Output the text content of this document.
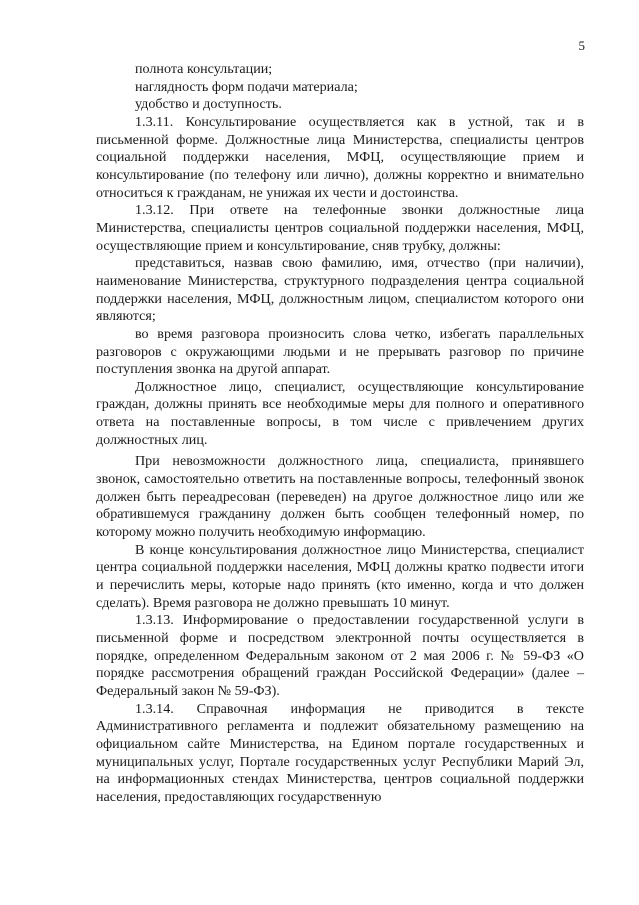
5

полнота консультации;

наглядность форм подачи материала;

удобство и доступность.

1.3.11. Консультирование осуществляется как в устной, так и в письменной форме. Должностные лица Министерства, специалисты центров социальной поддержки населения, МФЦ, осуществляющие прием и консультирование (по телефону или лично), должны корректно и внимательно относиться к гражданам, не унижая их чести и достоинства.

1.3.12. При ответе на телефонные звонки должностные лица Министерства, специалисты центров социальной поддержки населения, МФЦ, осуществляющие прием и консультирование, сняв трубку, должны:

представиться, назвав свою фамилию, имя, отчество (при наличии), наименование Министерства, структурного подразделения центра социальной поддержки населения, МФЦ, должностным лицом, специалистом которого они являются;

во время разговора произносить слова четко, избегать параллельных разговоров с окружающими людьми и не прерывать разговор по причине поступления звонка на другой аппарат.

Должностное лицо, специалист, осуществляющие консультирование граждан, должны принять все необходимые меры для полного и оперативного ответа на поставленные вопросы, в том числе с привлечением других должностных лиц.

При невозможности должностного лица, специалиста, принявшего звонок, самостоятельно ответить на поставленные вопросы, телефонный звонок должен быть переадресован (переведен) на другое должностное лицо или же обратившемуся гражданину должен быть сообщен телефонный номер, по которому можно получить необходимую информацию.

В конце консультирования должностное лицо Министерства, специалист центра социальной поддержки населения, МФЦ должны кратко подвести итоги и перечислить меры, которые надо принять (кто именно, когда и что должен сделать). Время разговора не должно превышать 10 минут.

1.3.13. Информирование о предоставлении государственной услуги в письменной форме и посредством электронной почты осуществляется в порядке, определенном Федеральным законом от 2 мая 2006 г. № 59-ФЗ «О порядке рассмотрения обращений граждан Российской Федерации» (далее – Федеральный закон № 59-ФЗ).

1.3.14. Справочная информация не приводится в тексте Административного регламента и подлежит обязательному размещению на официальном сайте Министерства, на Едином портале государственных и муниципальных услуг, Портале государственных услуг Республики Марий Эл, на информационных стендах Министерства, центров социальной поддержки населения, предоставляющих государственную
